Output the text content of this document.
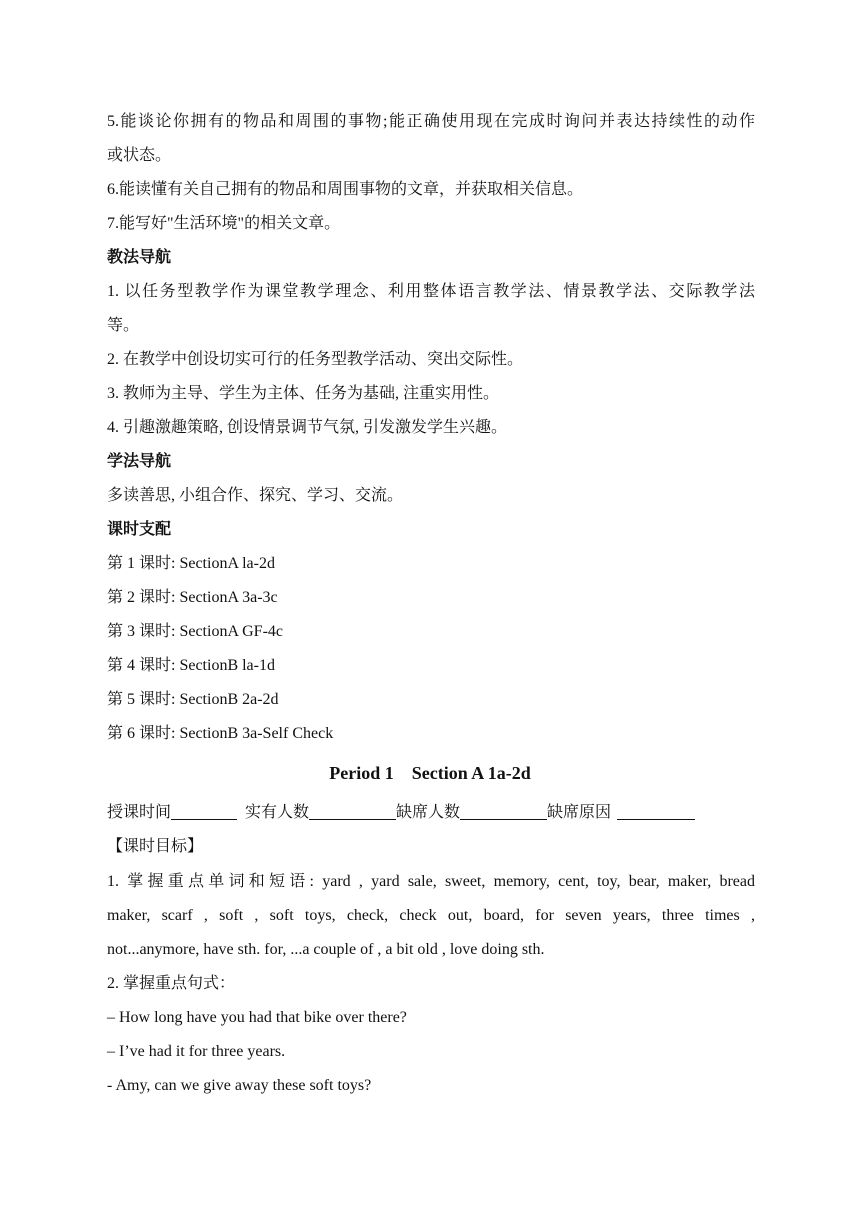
5.能谈论你拥有的物品和周围的事物;能正确使用现在完成时询问并表达持续性的动作
或状态。
6.能读懂有关自己拥有的物品和周围事物的文章，并获取相关信息。
7.能写好"生活环境"的相关文章。
教法导航
1. 以任务型教学作为课堂教学理念、利用整体语言教学法、情景教学法、交际教学法
等。
2. 在教学中创设切实可行的任务型教学活动、突出交际性。
3. 教师为主导、学生为主体、任务为基础, 注重实用性。
4. 引趣激趣策略, 创设情景调节气氛, 引发激发学生兴趣。
学法导航
多读善思, 小组合作、探究、学习、交流。
课时支配
第 1 课时: SectionA la-2d
第 2 课时: SectionA 3a-3c
第 3 课时: SectionA GF-4c
第 4 课时: SectionB la-1d
第 5 课时: SectionB 2a-2d
第 6 课时: SectionB 3a-Self Check
Period 1    Section A 1a-2d
授课时间	实有人数	缺席人数	缺席原因
【课时目标】
1. 掌握重点单词和短语: yard , yard sale, sweet, memory, cent, toy, bear, maker, bread
maker, scarf , soft , soft toys, check, check out, board, for seven years, three times ,
not...anymore, have sth. for, ...a couple of , a bit old , love doing sth.
2. 掌握重点句式：
– How long have you had that bike over there?
– I’ve had it for three years.
- Amy, can we give away these soft toys?
